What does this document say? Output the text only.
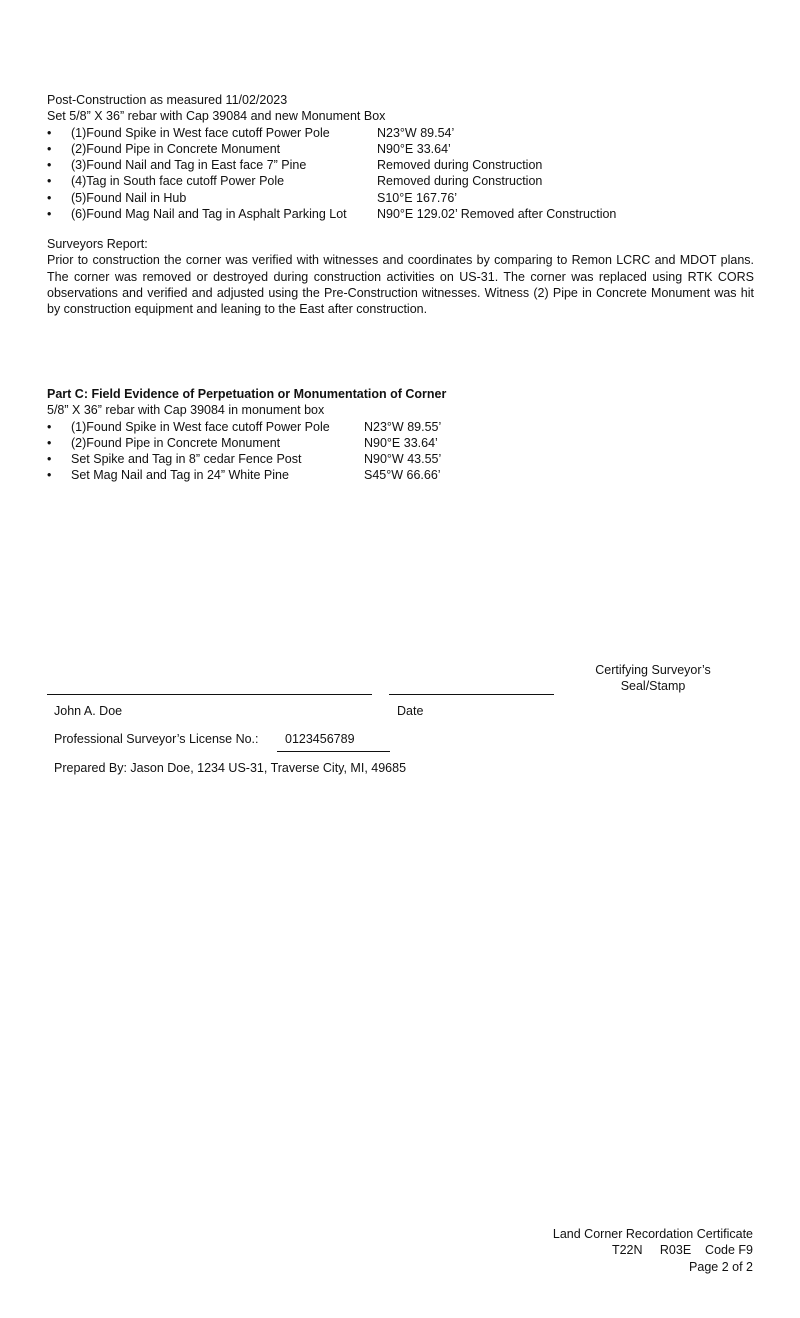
Post-Construction as measured 11/02/2023
Set 5/8” X 36” rebar with Cap 39084 and new Monument Box
• (1)Found Spike in West face cutoff Power Pole	N23°W 89.54’
• (2)Found Pipe in Concrete Monument	N90°E 33.64’
• (3)Found Nail and Tag in East face 7” Pine	Removed during Construction
• (4)Tag in South face cutoff Power Pole	Removed during Construction
• (5)Found Nail in Hub	S10°E 167.76’
• (6)Found Mag Nail and Tag in Asphalt Parking Lot N90°E 129.02’ Removed after Construction
Surveyors Report:
Prior to construction the corner was verified with witnesses and coordinates by comparing to Remon LCRC and MDOT plans. The corner was removed or destroyed during construction activities on US-31. The corner was replaced using RTK CORS observations and verified and adjusted using the Pre-Construction witnesses. Witness (2) Pipe in Concrete Monument was hit by construction equipment and leaning to the East after construction.
Part C: Field Evidence of Perpetuation or Monumentation of Corner
5/8” X 36” rebar with Cap 39084 in monument box
• (1)Found Spike in West face cutoff Power Pole	N23°W 89.55’
• (2)Found Pipe in Concrete Monument	N90°E 33.64’
• Set Spike and Tag in 8” cedar Fence Post	N90°W 43.55’
• Set Mag Nail and Tag in 24” White Pine	S45°W 66.66’
Certifying Surveyor’s
Seal/Stamp
John A. Doe	Date
Professional Surveyor’s License No.: 0123456789
Prepared By: Jason Doe, 1234 US-31, Traverse City, MI, 49685
Land Corner Recordation Certificate
T22N     R03E    Code F9
Page 2 of 2
